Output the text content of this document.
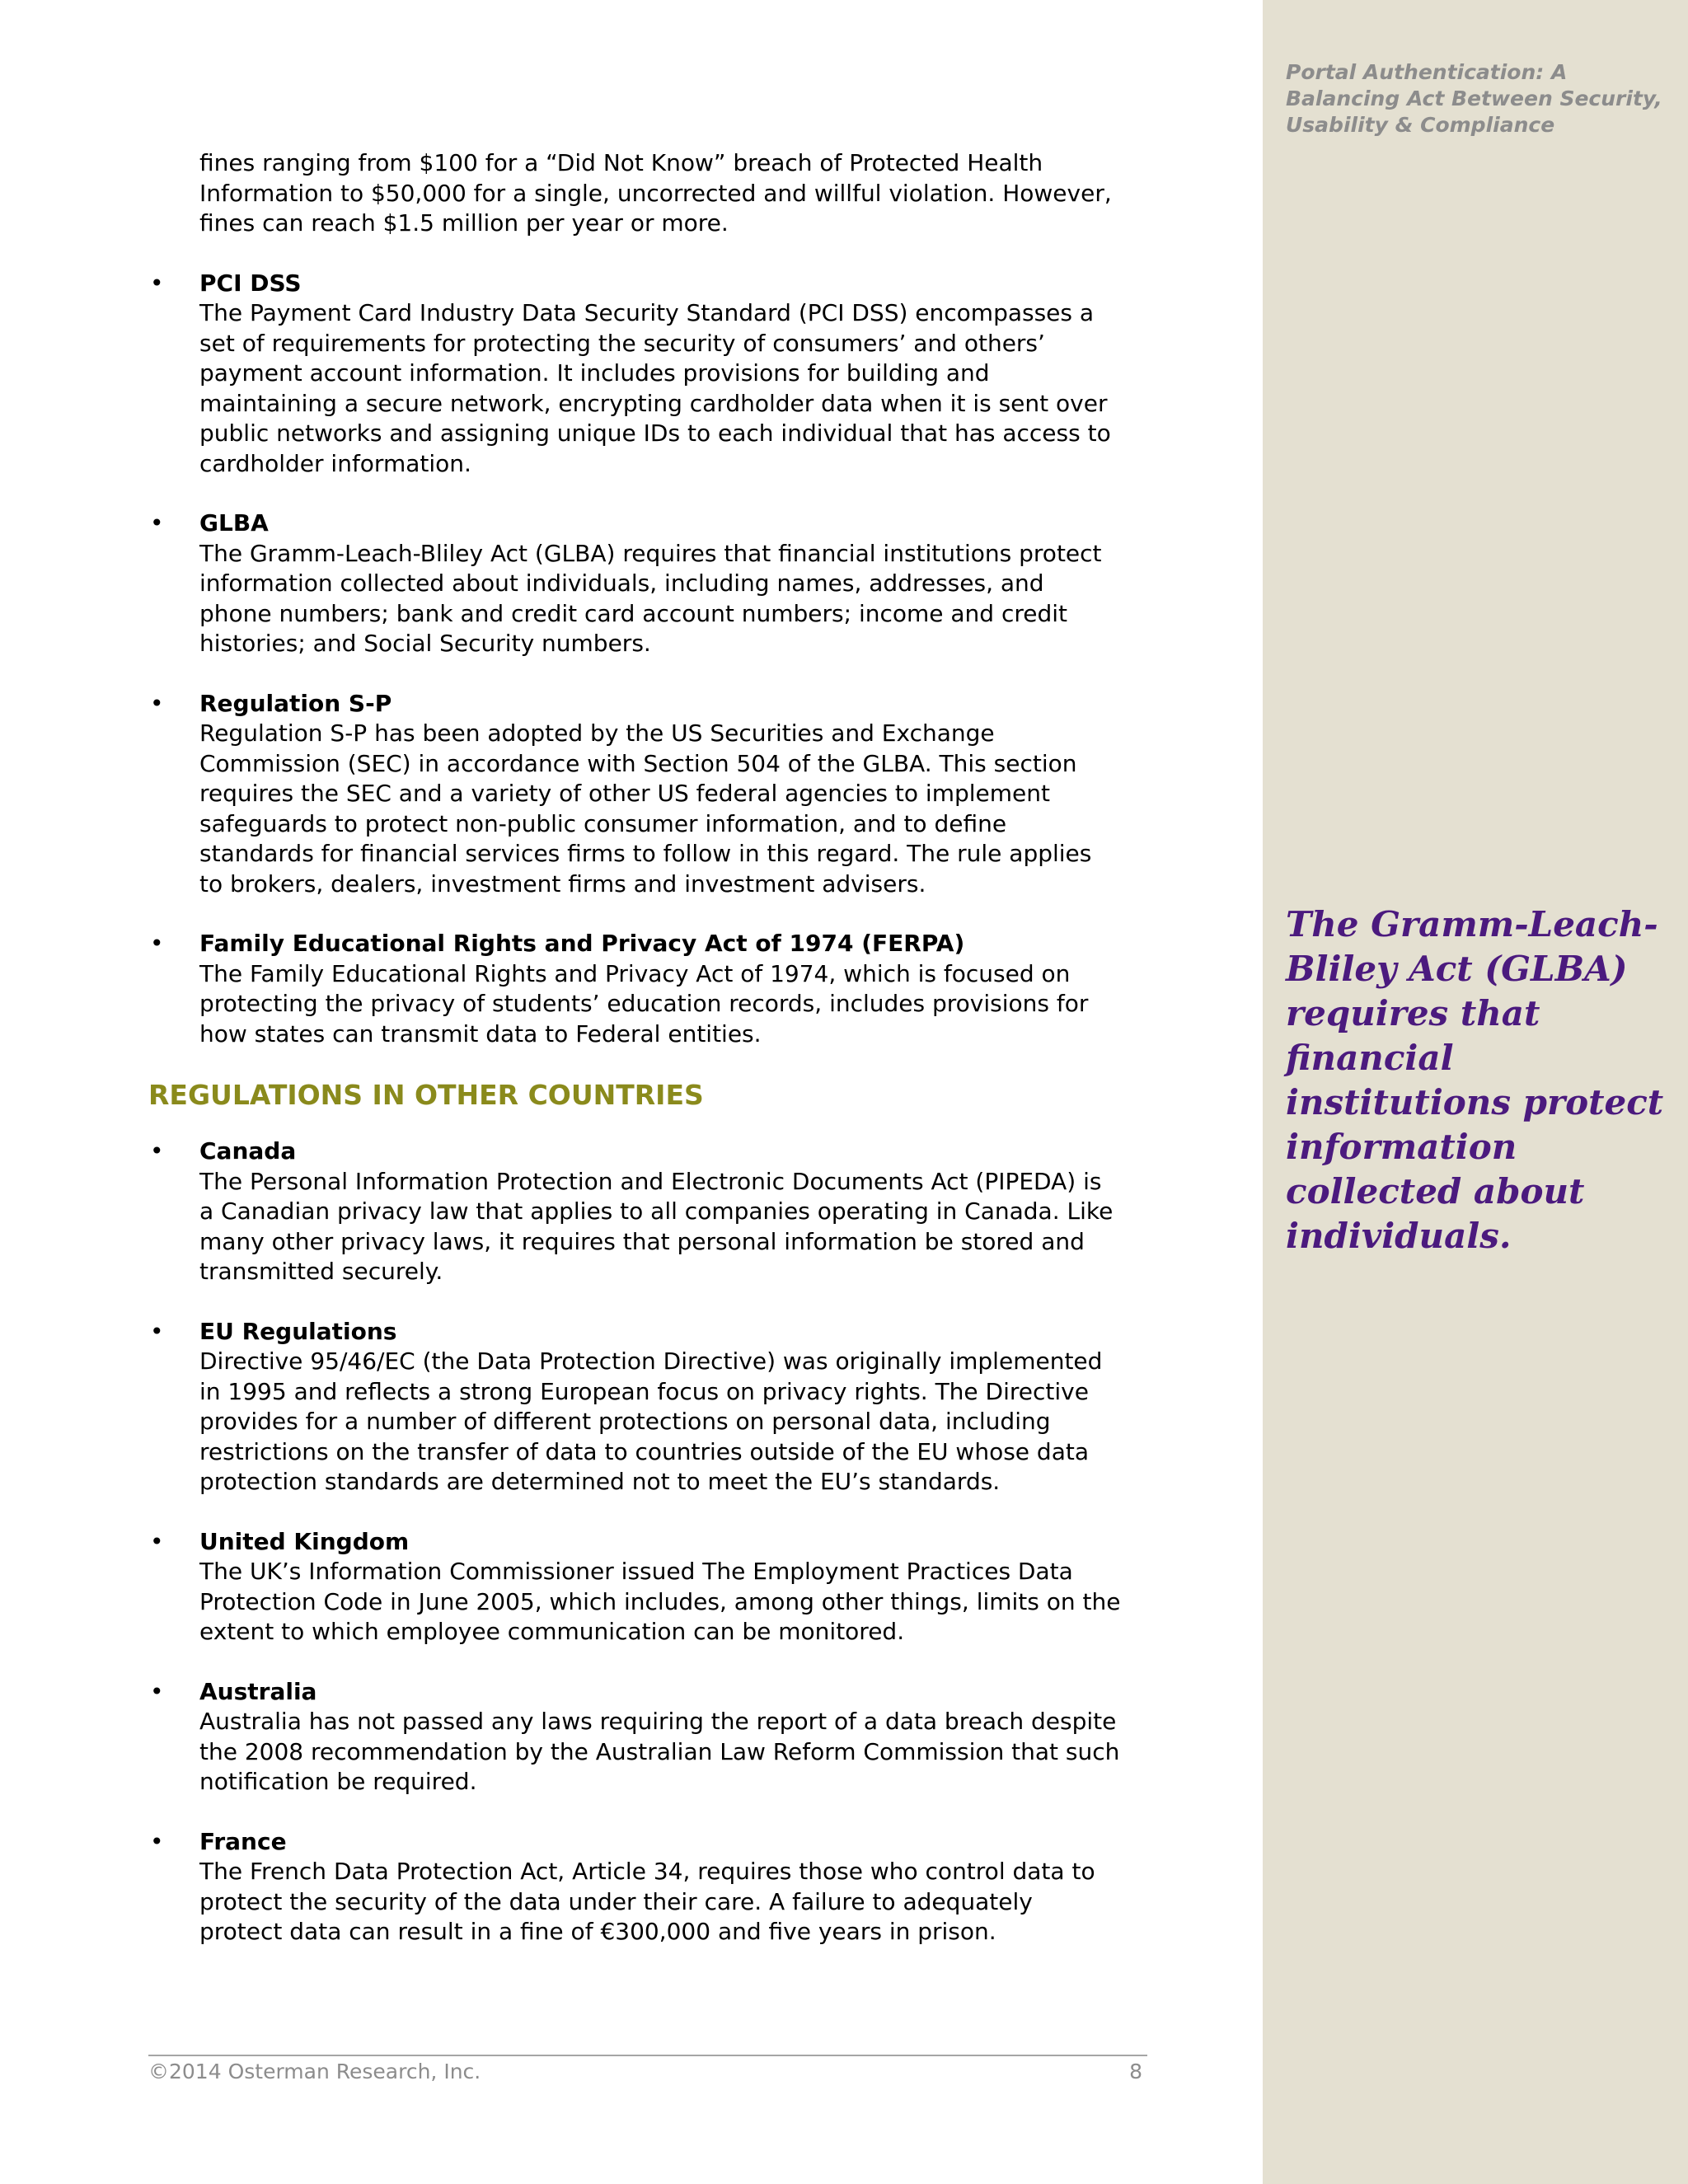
Portal Authentication: A Balancing Act Between Security, Usability & Compliance

The Gramm-Leach-Bliley Act (GLBA) requires that financial institutions protect information collected about individuals.

fines ranging from $100 for a “Did Not Know” breach of Protected Health Information to $50,000 for a single, uncorrected and willful violation. However, fines can reach $1.5 million per year or more.

• PCI DSS

The Payment Card Industry Data Security Standard (PCI DSS) encompasses a set of requirements for protecting the security of consumers’ and others’ payment account information. It includes provisions for building and maintaining a secure network, encrypting cardholder data when it is sent over public networks and assigning unique IDs to each individual that has access to cardholder information.

• GLBA

The Gramm-Leach-Bliley Act (GLBA) requires that financial institutions protect information collected about individuals, including names, addresses, and phone numbers; bank and credit card account numbers; income and credit histories; and Social Security numbers.

• Regulation S-P

Regulation S-P has been adopted by the US Securities and Exchange Commission (SEC) in accordance with Section 504 of the GLBA. This section requires the SEC and a variety of other US federal agencies to implement safeguards to protect non-public consumer information, and to define standards for financial services firms to follow in this regard. The rule applies to brokers, dealers, investment firms and investment advisers.

• Family Educational Rights and Privacy Act of 1974 (FERPA)

The Family Educational Rights and Privacy Act of 1974, which is focused on protecting the privacy of students’ education records, includes provisions for how states can transmit data to Federal entities.

REGULATIONS IN OTHER COUNTRIES
• Canada

The Personal Information Protection and Electronic Documents Act (PIPEDA) is a Canadian privacy law that applies to all companies operating in Canada. Like many other privacy laws, it requires that personal information be stored and transmitted securely.

• EU Regulations

Directive 95/46/EC (the Data Protection Directive) was originally implemented in 1995 and reflects a strong European focus on privacy rights. The Directive provides for a number of different protections on personal data, including restrictions on the transfer of data to countries outside of the EU whose data protection standards are determined not to meet the EU’s standards.

• United Kingdom

The UK’s Information Commissioner issued The Employment Practices Data Protection Code in June 2005, which includes, among other things, limits on the extent to which employee communication can be monitored.

• Australia

Australia has not passed any laws requiring the report of a data breach despite the 2008 recommendation by the Australian Law Reform Commission that such notification be required.

• France

The French Data Protection Act, Article 34, requires those who control data to protect the security of the data under their care. A failure to adequately protect data can result in a fine of €300,000 and five years in prison.

©2014 Osterman Research, Inc.	8
